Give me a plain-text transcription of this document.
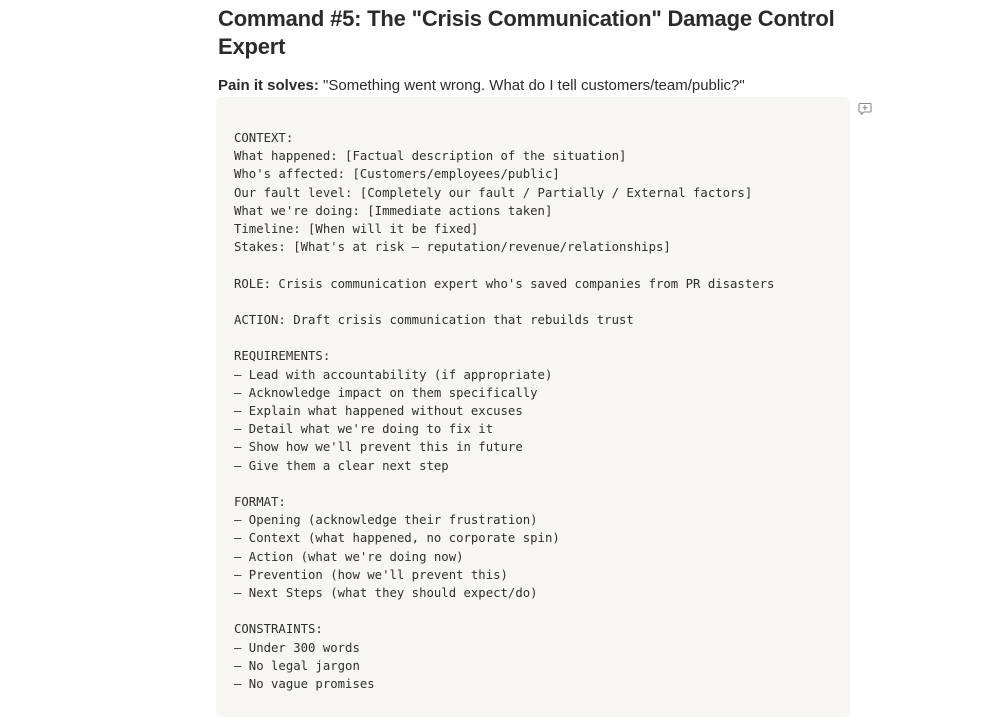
Command #5: The "Crisis Communication" Damage Control Expert

Pain it solves: "Something went wrong. What do I tell customers/team/public?"

CONTEXT:
What happened: [Factual description of the situation]
Who's affected: [Customers/employees/public]
Our fault level: [Completely our fault / Partially / External factors]
What we're doing: [Immediate actions taken]
Timeline: [When will it be fixed]
Stakes: [What's at risk – reputation/revenue/relationships]

ROLE: Crisis communication expert who's saved companies from PR disasters

ACTION: Draft crisis communication that rebuilds trust

REQUIREMENTS:
– Lead with accountability (if appropriate)
– Acknowledge impact on them specifically
– Explain what happened without excuses
– Detail what we're doing to fix it
– Show how we'll prevent this in future
– Give them a clear next step

FORMAT:
– Opening (acknowledge their frustration)
– Context (what happened, no corporate spin)
– Action (what we're doing now)
– Prevention (how we'll prevent this)
– Next Steps (what they should expect/do)

CONSTRAINTS:
– Under 300 words
– No legal jargon
– No vague promises
